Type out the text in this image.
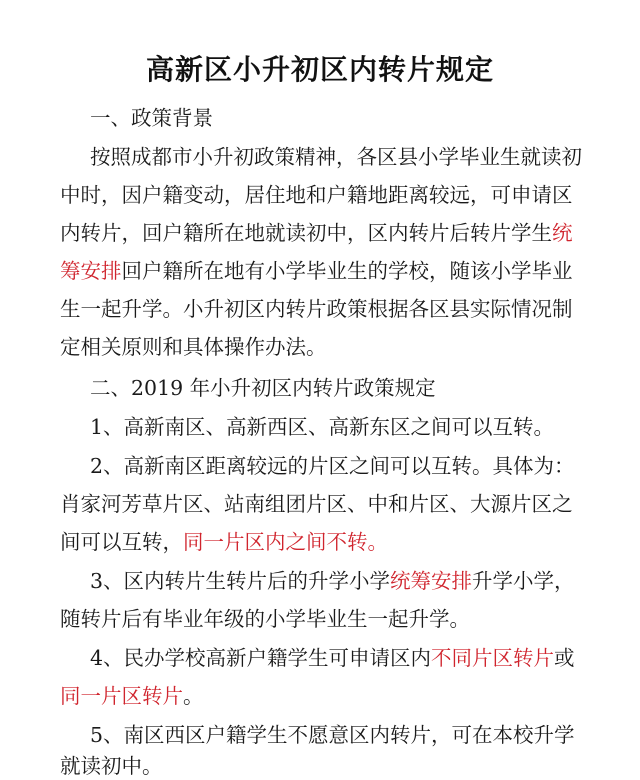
高新区小升初区内转片规定
一、政策背景
按照成都市小升初政策精神，各区县小学毕业生就读初
中时，因户籍变动，居住地和户籍地距离较远，可申请区
内转片，回户籍所在地就读初中，区内转片后转片学生统
筹安排回户籍所在地有小学毕业生的学校，随该小学毕业
生一起升学。小升初区内转片政策根据各区县实际情况制
定相关原则和具体操作办法。
二、2019 年小升初区内转片政策规定
1、高新南区、高新西区、高新东区之间可以互转。
2、高新南区距离较远的片区之间可以互转。具体为：
肖家河芳草片区、站南组团片区、中和片区、大源片区之
间可以互转，同一片区内之间不转。
3、区内转片生转片后的升学小学统筹安排升学小学，
随转片后有毕业年级的小学毕业生一起升学。
4、民办学校高新户籍学生可申请区内不同片区转片或
同一片区转片。
5、南区西区户籍学生不愿意区内转片，可在本校升学
就读初中。
